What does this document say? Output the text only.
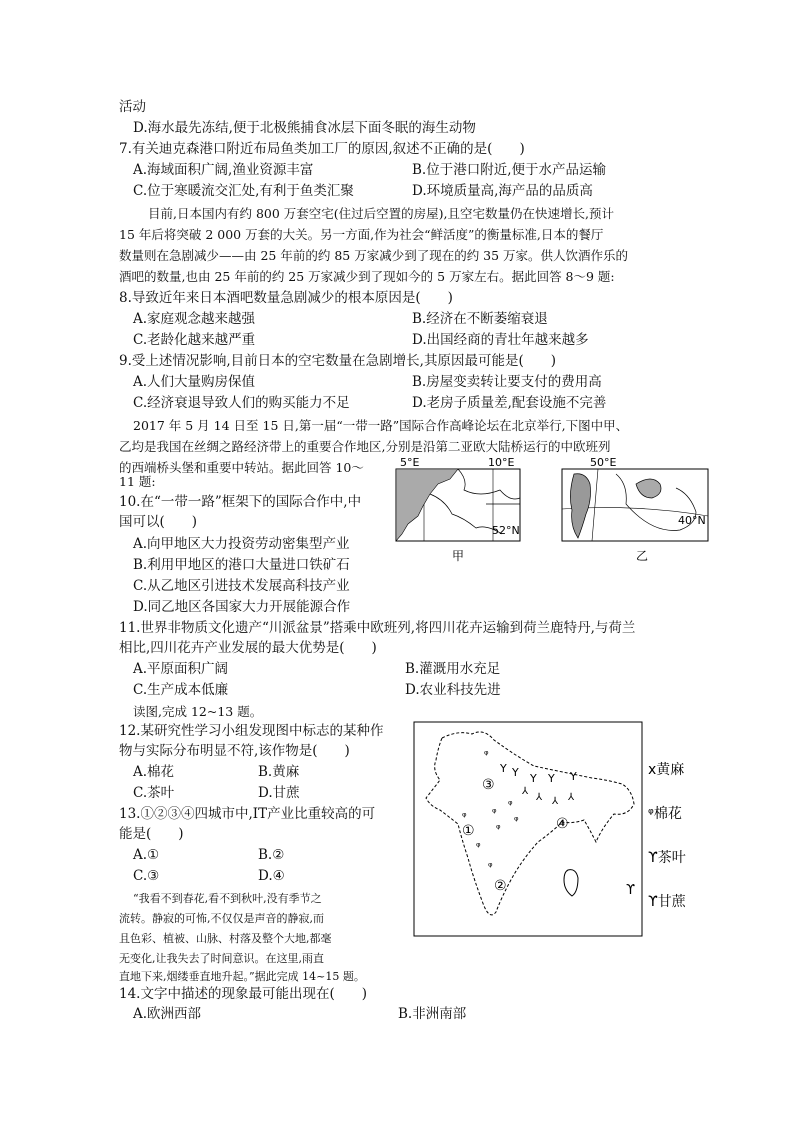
活动
D.海水最先冻结,便于北极熊捕食冰层下面冬眠的海生动物
7.有关迪克森港口附近布局鱼类加工厂的原因,叙述不正确的是(　　)
A.海域面积广阔,渔业资源丰富	B.位于港口附近,便于水产品运输
C.位于寒暖流交汇处,有利于鱼类汇聚	D.环境质量高,海产品的品质高
目前,日本国内有约 800 万套空宅(住过后空置的房屋),且空宅数量仍在快速增长,预计
15 年后将突破 2 000 万套的大关。另一方面,作为社会“鲜活度”的衡量标准,日本的餐厅
数量则在急剧减少——由 25 年前的约 85 万家减少到了现在的约 35 万家。供人饮酒作乐的
酒吧的数量,也由 25 年前的约 25 万家减少到了现如今的 5 万家左右。据此回答 8～9 题:
8.导致近年来日本酒吧数量急剧减少的根本原因是(　　)
A.家庭观念越来越强	B.经济在不断萎缩衰退
C.老龄化越来越严重	D.出国经商的青壮年越来越多
9.受上述情况影响,目前日本的空宅数量在急剧增长,其原因最可能是(　　)
A.人们大量购房保值	B.房屋变卖转让要支付的费用高
C.经济衰退导致人们的购买能力不足	D.老房子质量差,配套设施不完善
2017 年 5 月 14 日至 15 日,第一届“一带一路”国际合作高峰论坛在北京举行,下图中甲、
乙均是我国在丝绸之路经济带上的重要合作地区,分别是沿第二亚欧大陆桥运行的中欧班列
的西端桥头堡和重要中转站。据此回答 10～
11 题:
10.在“一带一路”框架下的国际合作中,中
国可以(　　)
A.向甲地区大力投资劳动密集型产业
B.利用甲地区的港口大量进口铁矿石
C.从乙地区引进技术发展高科技产业
D.同乙地区各国家大力开展能源合作
11.世界非物质文化遗产“川派盆景”搭乘中欧班列,将四川花卉运输到荷兰鹿特丹,与荷兰
相比,四川花卉产业发展的最大优势是(　　)
A.平原面积广阔	B.灌溉用水充足
C.生产成本低廉	D.农业科技先进
读图,完成 12~13 题。
12.某研究性学习小组发现图中标志的某种作
物与实际分布明显不符,该作物是(　　)
A.棉花	B.黄麻
C.茶叶	D.甘蔗
13.①②③④四城市中,IT产业比重较高的可
能是(　　)
A.①	B.②
C.③	D.④
“我看不到春花,看不到秋叶,没有季节之
流转。静寂的可怖,不仅仅是声音的静寂,而
且色彩、植被、山脉、村落及整个大地,都毫
无变化,让我失去了时间意识。在这里,雨直
直地下来,烟缕垂直地升起。”据此完成 14~15 题。
14.文字中描述的现象最可能出现在(　　)
A.欧洲西部	B.非洲南部
5°E	10°E
52°N
甲
50°E
40°N
乙
③
①
②
④
ᵠ
ᵠ ᵠ
ᵠ
ᵠ
ᵠ
ᵠ
ᵠ
Y Y Y Y Y
⅄
⅄ ⅄ ⅄
ϒ
ⅹ黄麻
ᵠ棉花
ϒ茶叶
ϒ甘蔗
